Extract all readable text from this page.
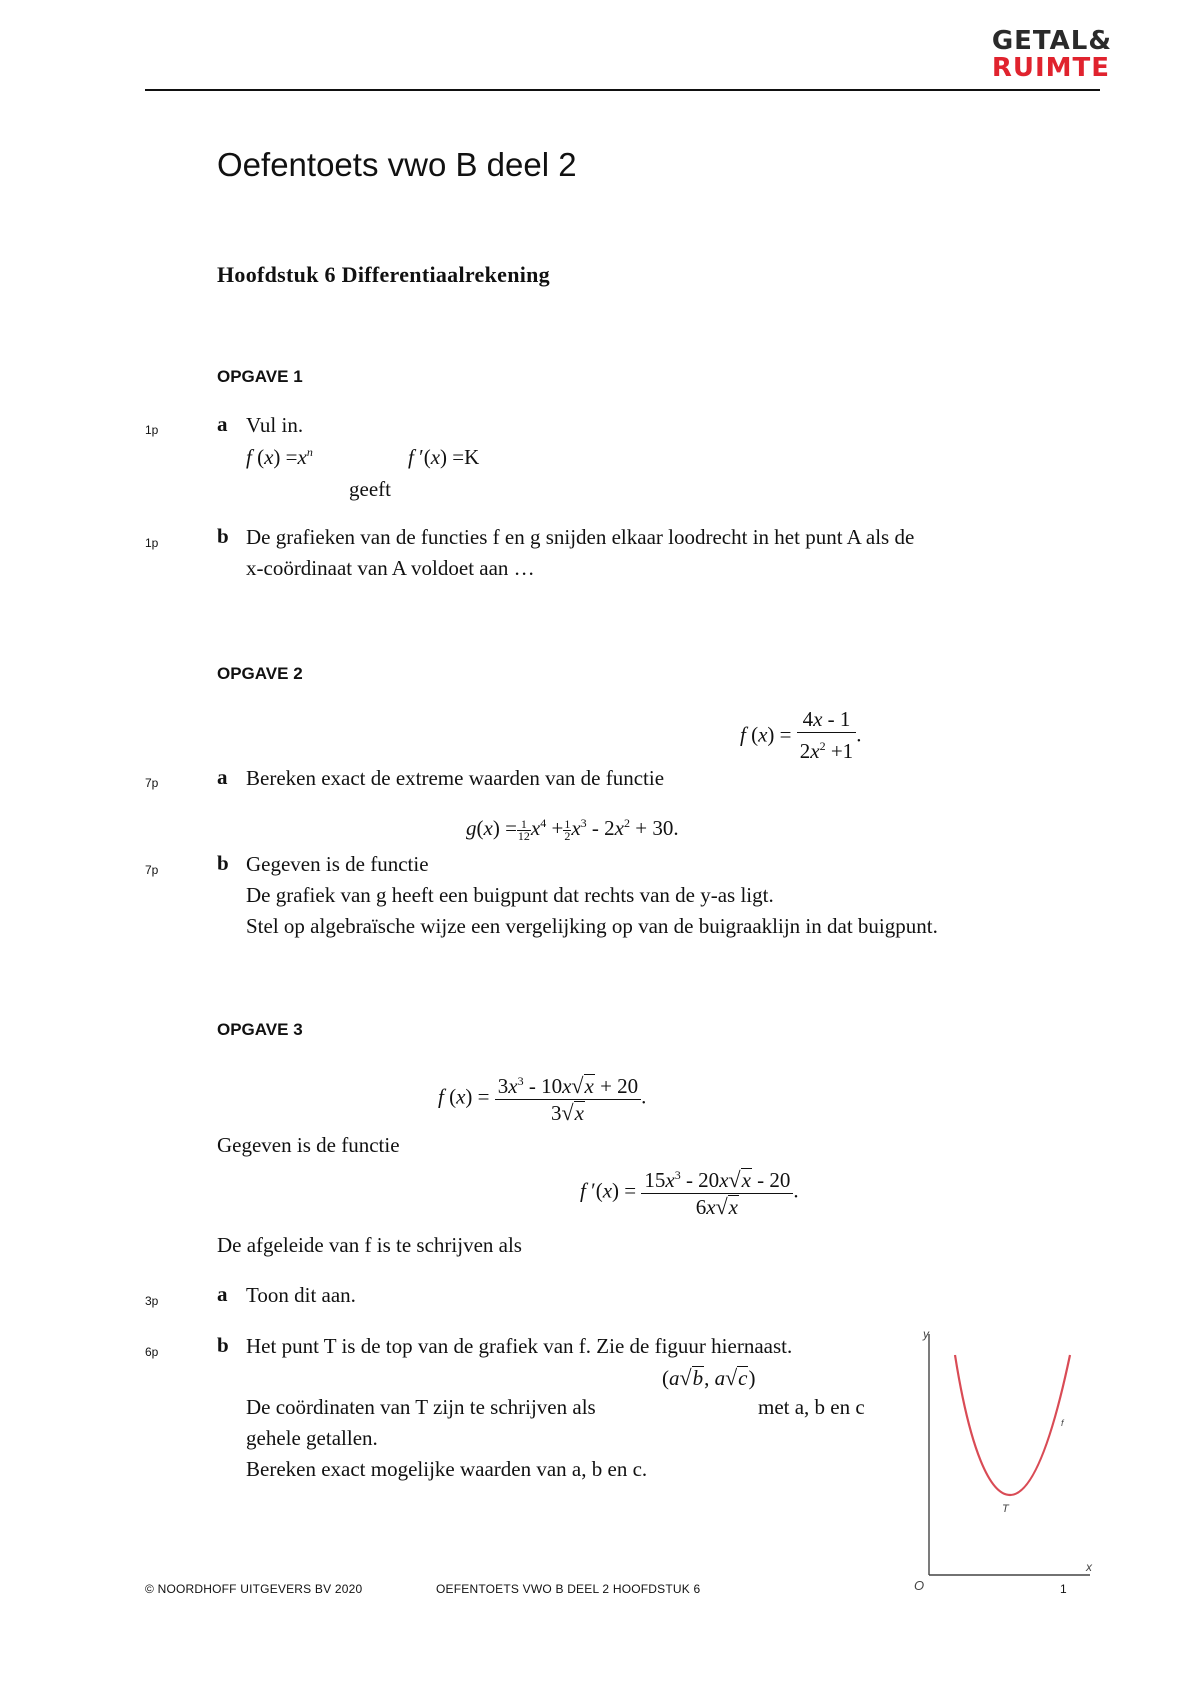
GETAL&
RUIMTE
Oefentoets vwo B deel 2
Hoofdstuk 6 Differentiaalrekening
OPGAVE 1
1p	a Vul in.
f $(x) =x^n$	f ′(x) =K
geeft
1p	b De grafieken van de functies f en g snijden elkaar loodrecht in het punt A als de
x-coördinaat van A voldoet aan …
OPGAVE 2
f $(x) = \frac{4x - 1}{2x^2 +1}$ .
7p	a Bereken exact de extreme waarden van de functie
$g(x) = \frac{1}{12} x^4 + \frac{1}{2} x^3 - 2x^2 + 30$.
7p	b Gegeven is de functie
De grafiek van g heeft een buigpunt dat rechts van de y-as ligt.
Stel op algebraïsche wijze een vergelijking op van de buigraaklijn in dat buigpunt.
OPGAVE 3
f $(x) = \frac{3x^3 - 10x√x + 20}{3√x}$ .
Gegeven is de functie
f $'(x) = \frac{15x^3 - 20x√x - 20}{6x√x}$ .
De afgeleide van f is te schrijven als
3p	a Toon dit aan.
6p	b Het punt T is de top van de grafiek van f. Zie de figuur hiernaast.
(a√b, a√c)
De coördinaten van T zijn te schrijven als	met a, b en c
gehele getallen.
Bereken exact mogelijke waarden van a, b en c.
y
x
O
f
T
© NOORDHOFF UITGEVERS BV 2020	OEFENTOETS VWO B DEEL 2 HOOFDSTUK 6	1
